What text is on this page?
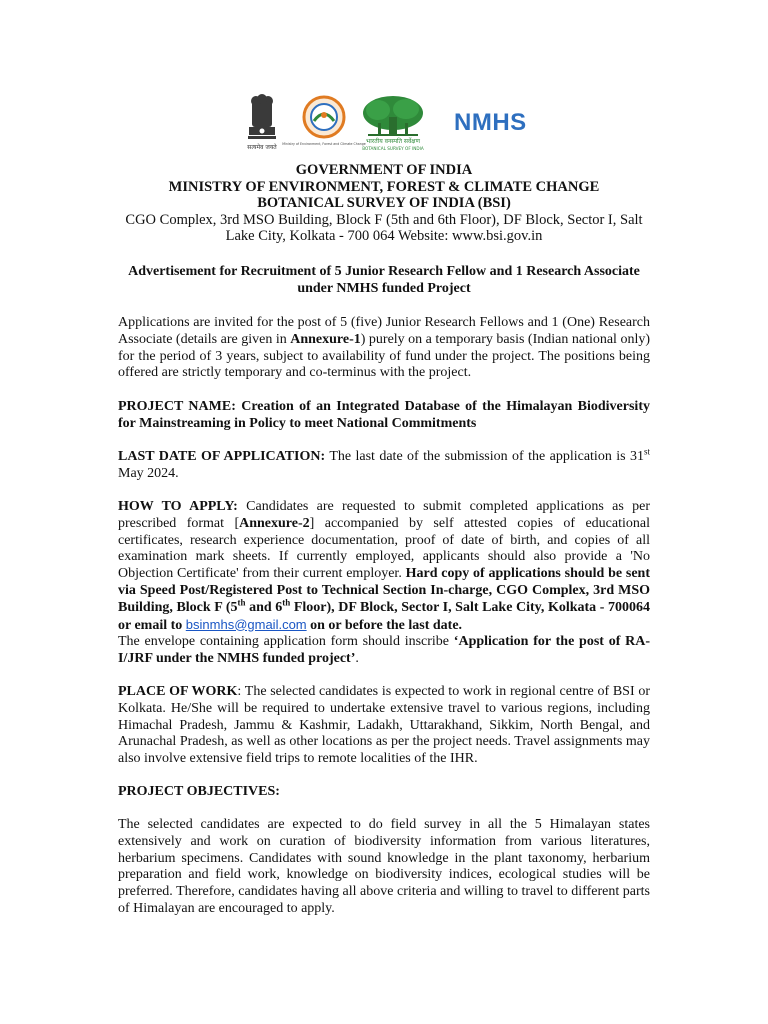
सत्यमेव जयते Ministry of Environment, Forest and Climate Change भारतीय वनस्पति सर्वेक्षण
BOTANICAL SURVEY OF INDIA
NMHS
GOVERNMENT OF INDIA
MINISTRY OF ENVIRONMENT, FOREST & CLIMATE CHANGE
BOTANICAL SURVEY OF INDIA (BSI)
CGO Complex, 3rd MSO Building, Block F (5th and 6th Floor), DF Block, Sector I, Salt Lake City, Kolkata - 700 064 Website: www.bsi.gov.in
Advertisement for Recruitment of 5 Junior Research Fellow and 1 Research Associate under NMHS funded Project
Applications are invited for the post of 5 (five) Junior Research Fellows and 1 (One) Research Associate (details are given in Annexure-1) purely on a temporary basis (Indian national only) for the period of 3 years, subject to availability of fund under the project. The positions being offered are strictly temporary and co-terminus with the project.
PROJECT NAME: Creation of an Integrated Database of the Himalayan Biodiversity for Mainstreaming in Policy to meet National Commitments
LAST DATE OF APPLICATION: The last date of the submission of the application is 31st May 2024.
HOW TO APPLY: Candidates are requested to submit completed applications as per prescribed format [Annexure-2] accompanied by self attested copies of educational certificates, research experience documentation, proof of date of birth, and copies of all examination mark sheets. If currently employed, applicants should also provide a 'No Objection Certificate' from their current employer. Hard copy of applications should be sent via Speed Post/Registered Post to Technical Section In-charge, CGO Complex, 3rd MSO Building, Block F (5th and 6th Floor), DF Block, Sector I, Salt Lake City, Kolkata - 700064 or email to bsinmhs@gmail.com on or before the last date.
The envelope containing application form should inscribe ‘Application for the post of RA-I/JRF under the NMHS funded project’.
PLACE OF WORK: The selected candidates is expected to work in regional centre of BSI or Kolkata. He/She will be required to undertake extensive travel to various regions, including Himachal Pradesh, Jammu & Kashmir, Ladakh, Uttarakhand, Sikkim, North Bengal, and Arunachal Pradesh, as well as other locations as per the project needs. Travel assignments may also involve extensive field trips to remote localities of the IHR.
PROJECT OBJECTIVES:
The selected candidates are expected to do field survey in all the 5 Himalayan states extensively and work on curation of biodiversity information from various literatures, herbarium specimens. Candidates with sound knowledge in the plant taxonomy, herbarium preparation and field work, knowledge on biodiversity indices, ecological studies will be preferred. Therefore, candidates having all above criteria and willing to travel to different parts of Himalayan are encouraged to apply.
